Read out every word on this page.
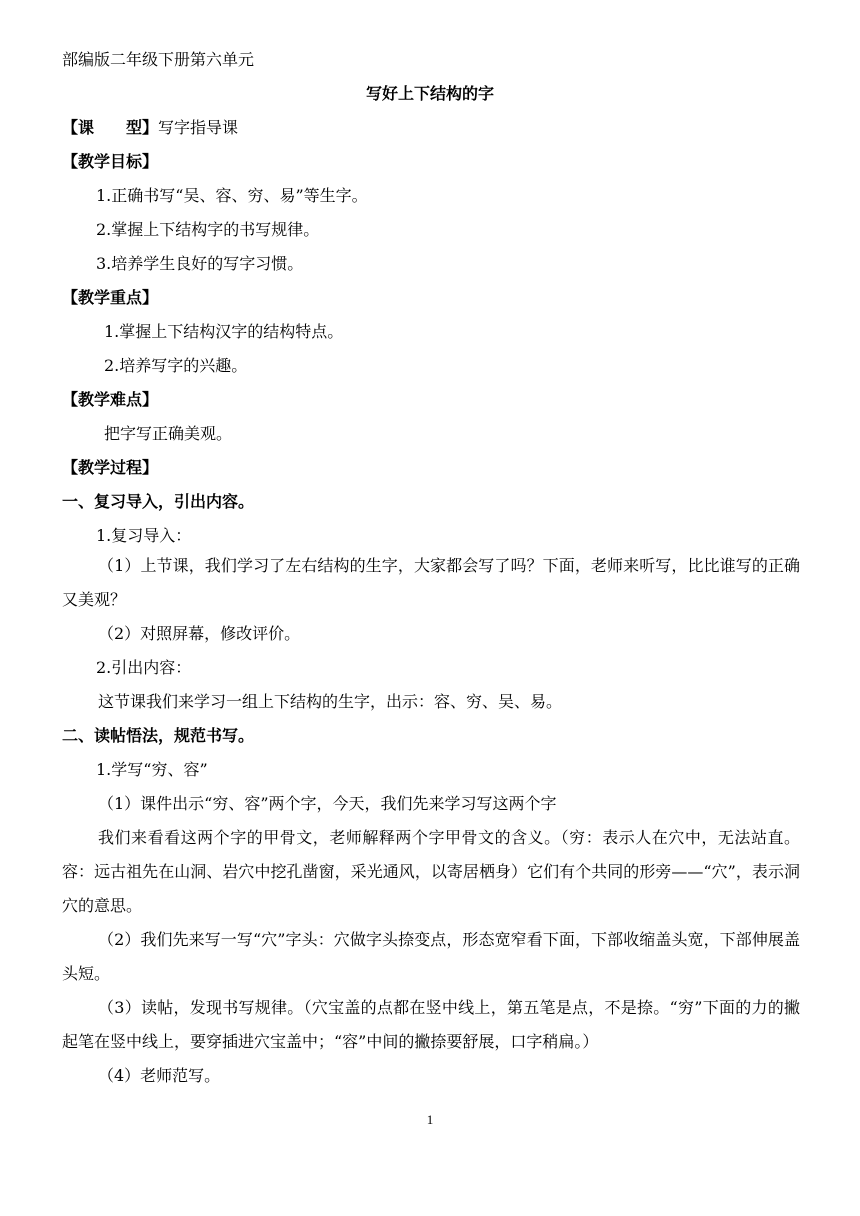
部编版二年级下册第六单元
写好上下结构的字
【课　　型】写字指导课
【教学目标】
1.正确书写“吴、容、穷、易”等生字。
2.掌握上下结构字的书写规律。
3.培养学生良好的写字习惯。
【教学重点】
1.掌握上下结构汉字的结构特点。
2.培养写字的兴趣。
【教学难点】
把字写正确美观。
【教学过程】
一、复习导入，引出内容。
1.复习导入：
（1）上节课，我们学习了左右结构的生字，大家都会写了吗？下面，老师来听写，比比谁写的正确又美观？
（2）对照屏幕，修改评价。
2.引出内容：
这节课我们来学习一组上下结构的生字，出示：容、穷、吴、易。
二、读帖悟法，规范书写。
1.学写“穷、容”
（1）课件出示“穷、容”两个字，今天，我们先来学习写这两个字
我们来看看这两个字的甲骨文，老师解释两个字甲骨文的含义。（穷：表示人在穴中，无法站直。容：远古祖先在山洞、岩穴中挖孔凿窗，采光通风，以寄居栖身）它们有个共同的形旁——“穴”，表示洞穴的意思。
（2）我们先来写一写“穴”字头：穴做字头捺变点，形态宽窄看下面，下部收缩盖头宽，下部伸展盖头短。
（3）读帖，发现书写规律。（穴宝盖的点都在竖中线上，第五笔是点，不是捺。“穷”下面的力的撇起笔在竖中线上，要穿插进穴宝盖中；“容”中间的撇捺要舒展，口字稍扁。）
（4）老师范写。
1
